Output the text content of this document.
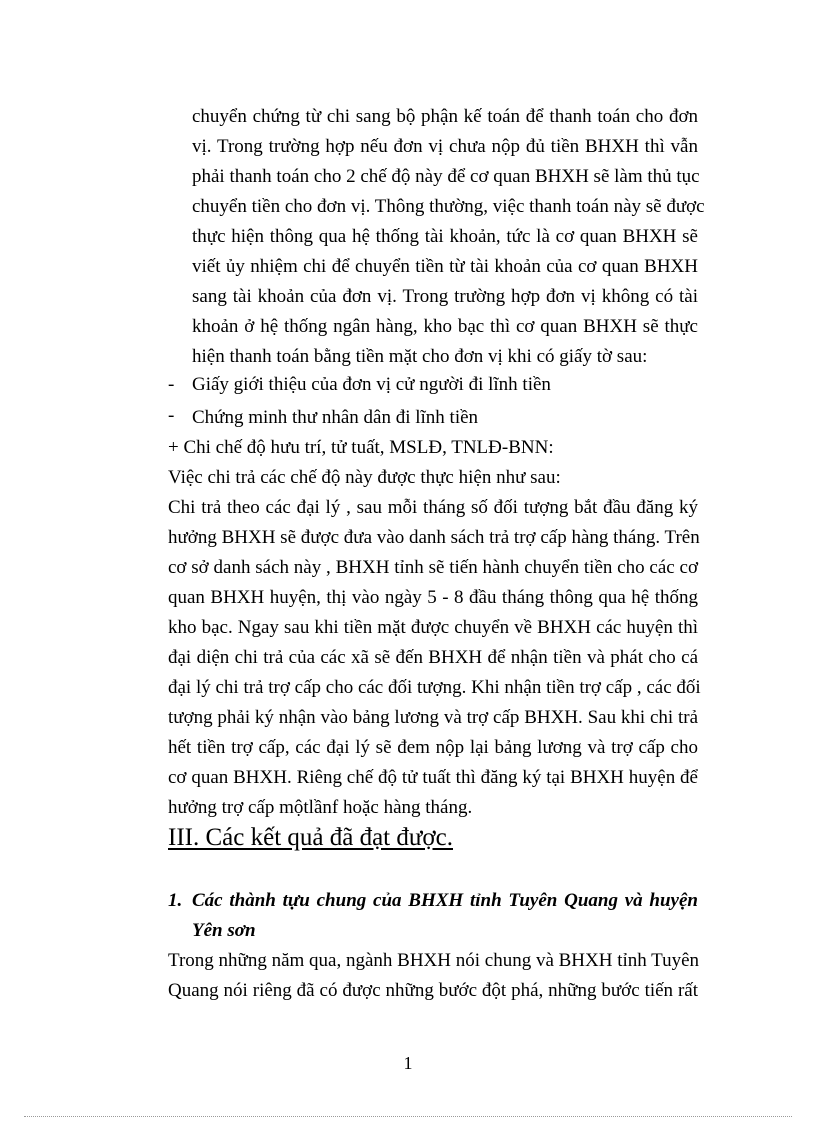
chuyển chứng từ chi sang bộ phận kế toán để thanh toán cho đơn
vị. Trong trường hợp nếu đơn vị chưa nộp đủ tiền BHXH thì vẫn
phải thanh toán cho 2 chế độ này để cơ quan BHXH sẽ làm thủ tục
chuyển tiền cho đơn vị. Thông thường, việc thanh toán này sẽ được
thực hiện thông qua hệ thống tài khoản, tức là cơ quan BHXH sẽ
viết ủy nhiệm chi để chuyển tiền từ tài khoản của cơ quan BHXH
sang tài khoản của đơn vị. Trong trường hợp đơn vị không có tài
khoản ở hệ thống ngân hàng, kho bạc thì cơ quan BHXH sẽ thực
hiện thanh toán bằng tiền mặt cho đơn vị khi có giấy tờ sau:
- Giấy giới thiệu của đơn vị cử người đi lĩnh tiền
- Chứng minh thư nhân dân đi lĩnh tiền
+ Chi chế độ hưu trí, tử tuất, MSLĐ, TNLĐ-BNN:
Việc chi trả các chế độ này được thực hiện như sau:
Chi trả theo các đại lý , sau mỗi tháng số đối tượng bắt đầu đăng ký
hưởng BHXH sẽ được đưa vào danh sách trả trợ cấp hàng tháng. Trên
cơ sở danh sách này , BHXH tỉnh sẽ tiến hành chuyển tiền cho các cơ
quan BHXH huyện, thị vào ngày 5 - 8 đầu tháng thông qua hệ thống
kho bạc. Ngay sau khi tiền mặt được chuyển về BHXH các huyện thì
đại diện chi trả của các xã sẽ đến BHXH để nhận tiền và phát cho cá
đại lý chi trả trợ cấp cho các đối tượng. Khi nhận tiền trợ cấp , các đối
tượng phải ký nhận vào bảng lương và trợ cấp BHXH. Sau khi chi trả
hết tiền trợ cấp, các đại lý sẽ đem nộp lại bảng lương và trợ cấp cho
cơ quan BHXH. Riêng chế độ tử tuất thì đăng ký tại BHXH huyện để
hưởng trợ cấp mộtlầnf hoặc hàng tháng.
III. Các kết quả đã đạt được.
1. Các thành tựu chung của BHXH tỉnh Tuyên Quang và huyện
Yên sơn
Trong những năm qua, ngành BHXH nói chung và BHXH tỉnh Tuyên
Quang nói riêng đã có được những bước đột phá, những bước tiến rất
1
